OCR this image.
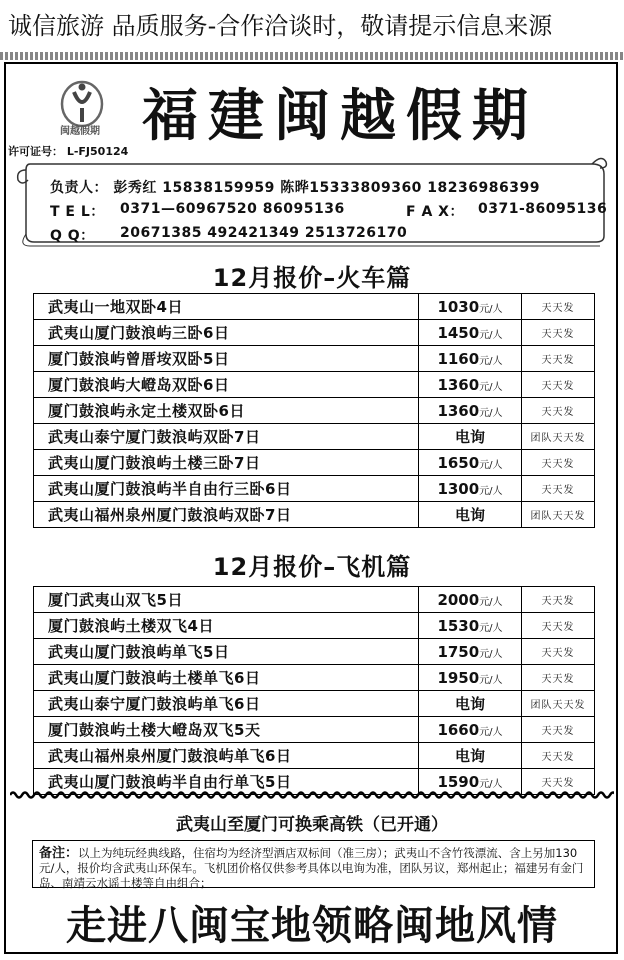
诚信旅游 品质服务-合作洽谈时，敬请提示信息来源
闽越假期 福建闽越假期
许可证号： L-FJ50124
负责人： 彭秀红 15838159959 陈晔15333809360 18236986399
T E L： 0371—60967520 86095136	F A X： 0371-86095136
Q Q： 20671385 492421349 2513726170
12月报价–火车篇
武夷山一地双卧4日	1030元/人	天天发
武夷山厦门鼓浪屿三卧6日	1450元/人	天天发
厦门鼓浪屿曾厝垵双卧5日	1160元/人	天天发
厦门鼓浪屿大嶝岛双卧6日	1360元/人	天天发
厦门鼓浪屿永定土楼双卧6日	1360元/人	天天发
武夷山泰宁厦门鼓浪屿双卧7日	电询	团队天天发
武夷山厦门鼓浪屿土楼三卧7日	1650元/人	天天发
武夷山厦门鼓浪屿半自由行三卧6日	1300元/人	天天发
武夷山福州泉州厦门鼓浪屿双卧7日	电询	团队天天发
12月报价–飞机篇
厦门武夷山双飞5日	2000元/人	天天发
厦门鼓浪屿土楼双飞4日	1530元/人	天天发
武夷山厦门鼓浪屿单飞5日	1750元/人	天天发
武夷山厦门鼓浪屿土楼单飞6日	1950元/人	天天发
武夷山泰宁厦门鼓浪屿单飞6日	电询	团队天天发
厦门鼓浪屿土楼大嶝岛双飞5天	1660元/人	天天发
武夷山福州泉州厦门鼓浪屿单飞6日	电询	天天发
武夷山厦门鼓浪屿半自由行单飞5日	1590元/人	天天发
武夷山至厦门可换乘高铁（已开通）
备注：以上为纯玩经典线路，住宿均为经济型酒店双标间（准三房）；武夷山不含竹筏漂流、含上另加130元/人，报价均含武夷山环保车。飞机团价格仅供参考具体以电询为准，团队另议，郑州起止；福建另有金门岛、南靖云水谣土楼等自由组合；
走进八闽宝地领略闽地风情
